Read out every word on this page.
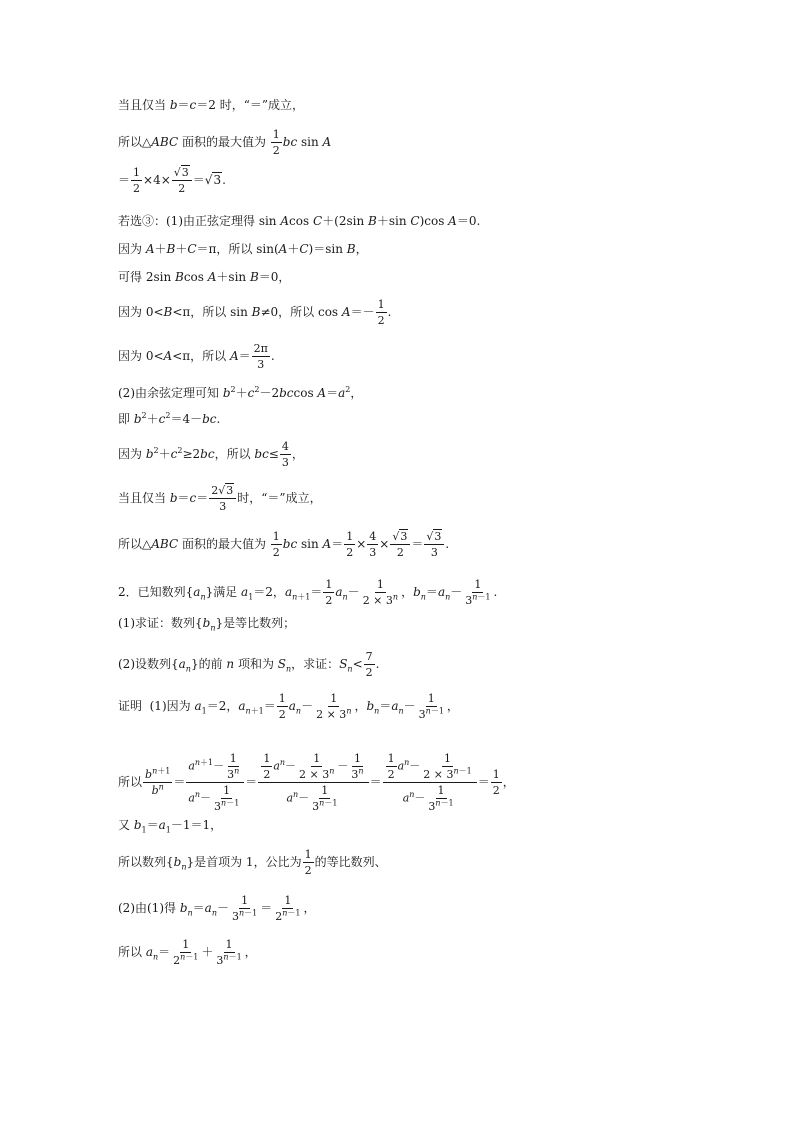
当且仅当 b＝c＝2 时，“＝”成立，
所以△ABC 面积的最大值为 $\frac{1}{2}$ bc sin A
＝ $\frac{1}{2} \times 4\times \frac{√3}{2} =√3$.
若选③：(1)由正弦定理得 sin Acos C＋(2sin B＋sin C)cos A＝0.
因为 A＋B＋C＝π，所以 sin(A＋C)＝sin B，
可得 2sin Bcos A＋sin B＝0，
因为 0<B<π，所以 sin B≠0，所以 $\cos A=- \frac{1}{2}$ .
因为 0<A<π，所以 $A= \frac{2\pi}{3}$ .
(2)由余弦定理可知 $b^2+c^2-2bccos$ $A=a^2$，
即 $b^2+c^2=4-bc$.
因为 $b^2+c^2\ge 2bc$，所以 $bc\le \frac{4}{3}$ ，
当且仅当 $b=c= \frac{2√3}{3}$ 时，“＝”成立，
所以△ABC 面积的最大值为 $\frac{1}{2}$ bc $\sin A= \frac{1}{2} \times \frac{4}{3} \times \frac{√3}{2} = \frac{√3}{3}$ .
2．已知数列$\{a_n\}$满足 $a_1=2$，$a_{n+1}= \frac{1}{2} a_n- \frac{1}{2 \times 3^n}$ ，$b_n=a_n- \frac{1}{3^{n-1}}$ .
(1)求证：数列$\{b_n\}$是等比数列；
(2)设数列$\{a_n\}$的前 n 项和为 $S_n$，求证：$S_n< \frac{7}{2}$ .
证明  (1)因为 $a_1=2$，$a_{n+1}= \frac{1}{2} a_n- \frac{1}{2 \times 3^n}$ ，$b_n=a_n- \frac{1}{3^{n-1}}$ ，
所以 $\frac{b^{n+1}}{b^n} = \frac{a^{n+1}- \frac{1}{3^n}}{a^n- \frac{1}{3^{n-1}}} = \frac{\frac{1}{2} a^n- \frac{1}{2 \times 3^n} - \frac{1}{3^n}}{a^n- \frac{1}{3^{n-1}}} = \frac{\frac{1}{2} a^n- \frac{1}{2 \times 3^{n-1}}}{a^n- \frac{1}{3^{n-1}}} = \frac{1}{2}$ ，
又 $b_1=a_1-1=1$，
所以数列$\{b_n\}$是首项为 1，公比为 $\frac{1}{2}$ 的等比数列、
(2)由(1)得 $b_n=a_n- \frac{1}{3^{n-1}} = \frac{1}{2^{n-1}}$ ，
所以 $a_n= \frac{1}{2^{n-1}} + \frac{1}{3^{n-1}}$ ，
